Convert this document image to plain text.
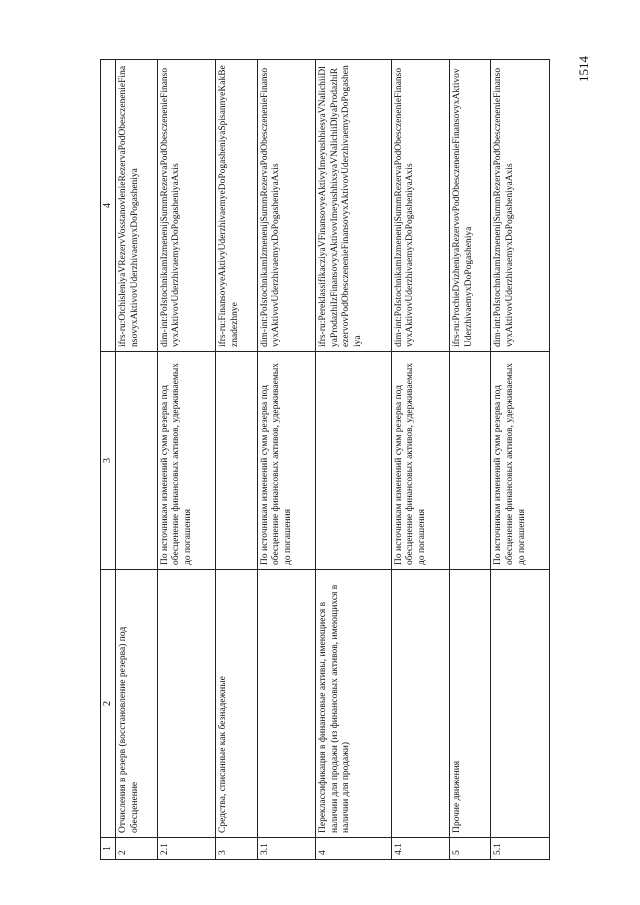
1514
1	2	3	4
2	Отчисления в резерв (восстановление резерва) под обесценение		ifrs-ru:OtchisleniyaVRezervVosstanovlenieRezervaPodObesczenenieFinansovyxAktivovUderzhivaemyxDoPogasheniya
2.1		По источникам изменений сумм резерва под обесценение финансовых активов, удерживаемых до погашения	dim-int:PoIstochnikamIzmenenijSummRezervaPodObesczenenieFinansovyxAktivovUderzhivaemyxDoPogasheniyaAxis
3	Средства, списанные как безнадежные		ifrs-ru:FinansovyeAktivyUderzhivaemyeDoPogasheniyaSpisannyeKakBeznadezhnye
3.1		По источникам изменений сумм резерва под обесценение финансовых активов, удерживаемых до погашения	dim-int:PoIstochnikamIzmenenijSummRezervaPodObesczenenieFinansovyxAktivovUderzhivaemyxDoPogasheniyaAxis
4	Переклассификация в финансовые активы, имеющиеся в наличии для продажи (из финансовых активов, имеющихся в наличии для продажи)		ifrs-ru:PereklassifikacziyaVFinansovyeAktivyImeyushhiesyaVNalichiiDlyaProdazhiIzFinansovyxAktivovImeyushhixsyaVNalichiiDlyaProdazhiRezervovPodObesczenenieFinansovyxAktivovUderzhivaemyxDoPogasheniya
4.1		По источникам изменений сумм резерва под обесценение финансовых активов, удерживаемых до погашения	dim-int:PoIstochnikamIzmenenijSummRezervaPodObesczenenieFinansovyxAktivovUderzhivaemyxDoPogasheniyaAxis
5	Прочие движения		ifrs-ru:ProchieDvizheniyaRezervovPodObesczenenieFinansovyxAktivovUderzhivaemyxDoPogasheniya
5.1		По источникам изменений сумм резерва под обесценение финансовых активов, удерживаемых до погашения	dim-int:PoIstochnikamIzmenenijSummRezervaPodObesczenenieFinansovyxAktivovUderzhivaemyxDoPogasheniyaAxis
